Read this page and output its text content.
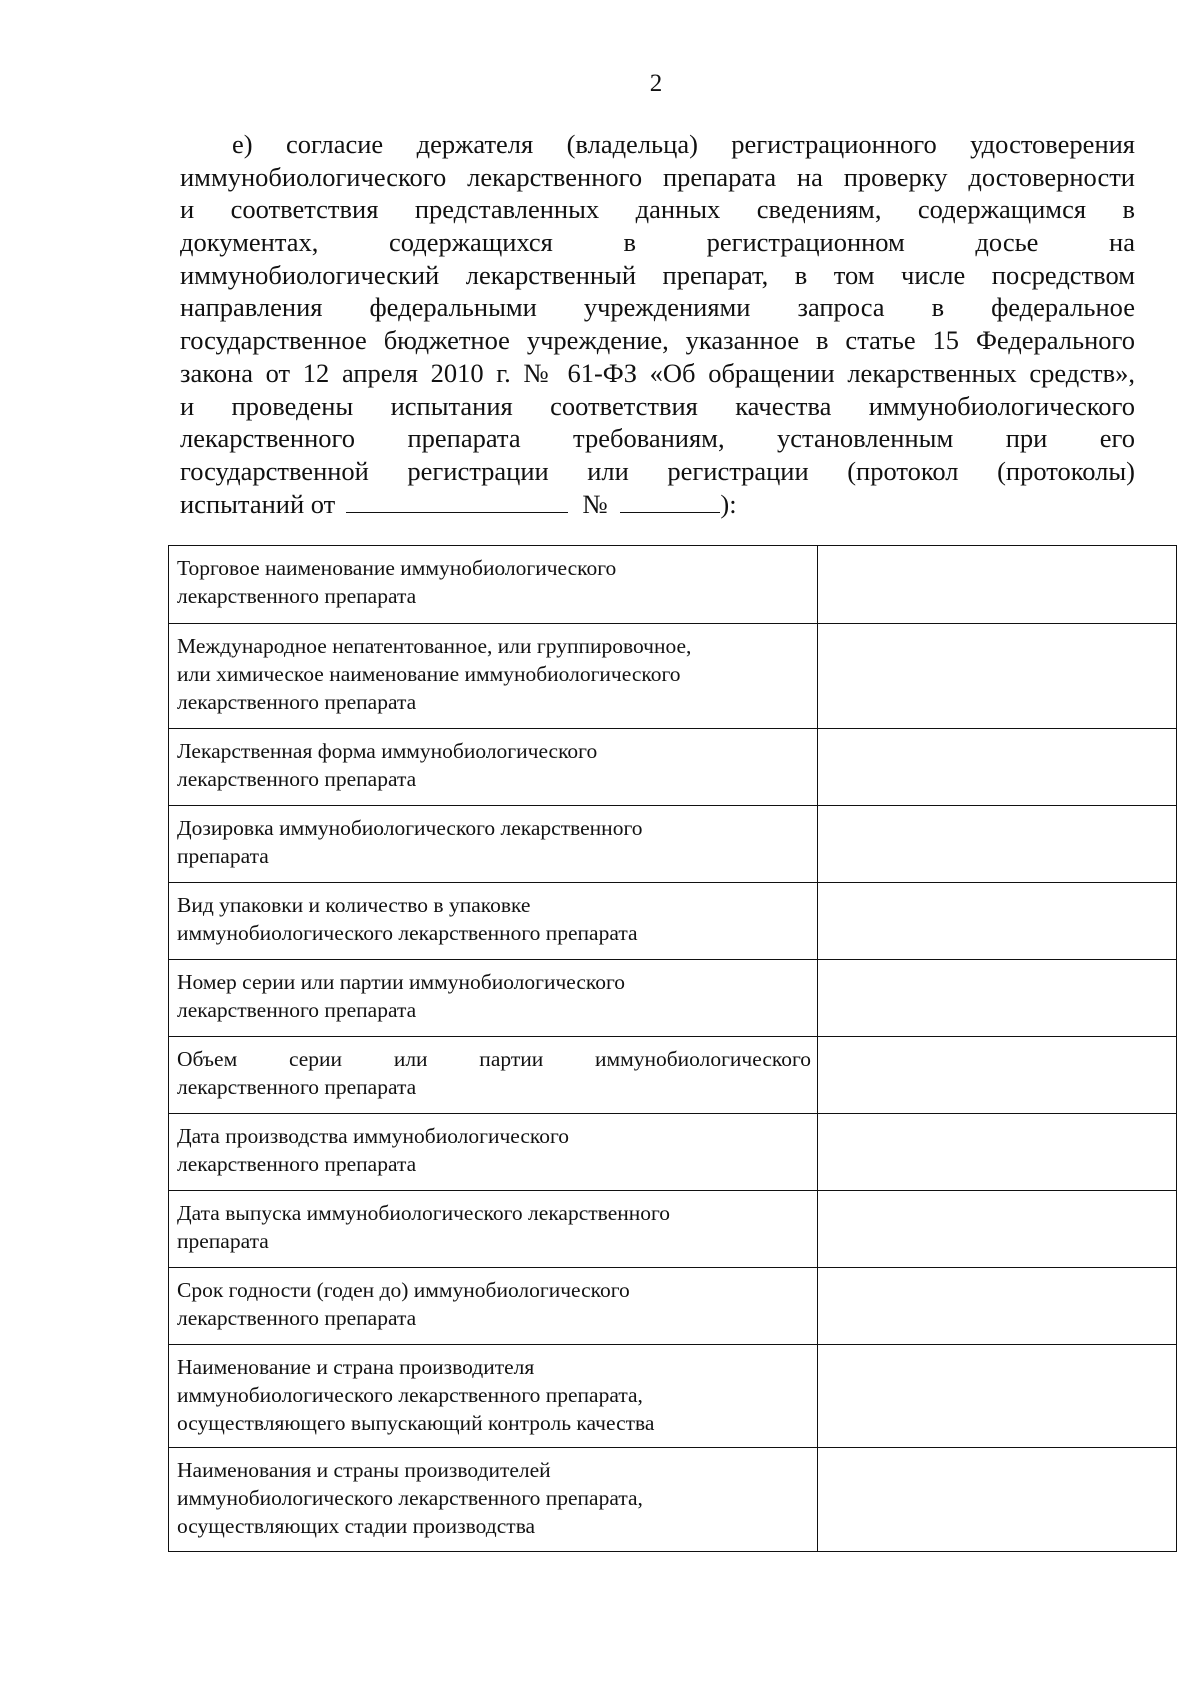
2
е) согласие держателя (владельца) регистрационного удостоверения
иммунобиологического лекарственного препарата на проверку достоверности
и соответствия представленных данных сведениям, содержащимся в
документах, содержащихся в регистрационном досье на
иммунобиологический лекарственный препарат, в том числе посредством
направления федеральными учреждениями запроса в федеральное
государственное бюджетное учреждение, указанное в статье 15 Федерального
закона от 12 апреля 2010 г. № 61-ФЗ «Об обращении лекарственных средств»,
и проведены испытания соответствия качества иммунобиологического
лекарственного препарата требованиям, установленным при его
государственной регистрации или регистрации (протокол (протоколы)
испытаний от	№	):
Торговое наименование иммунобиологического
лекарственного препарата	

Международное непатентованное, или группировочное,
или химическое наименование иммунобиологического
лекарственного препарата	

Лекарственная форма иммунобиологического
лекарственного препарата	

Дозировка иммунобиологического лекарственного
препарата	

Вид упаковки и количество в упаковке
иммунобиологического лекарственного препарата	

Номер серии или партии иммунобиологического
лекарственного препарата	

Объем серии или партии иммунобиологического
лекарственного препарата	

Дата производства иммунобиологического
лекарственного препарата	

Дата выпуска иммунобиологического лекарственного
препарата	

Срок годности (годен до) иммунобиологического
лекарственного препарата	

Наименование и страна производителя
иммунобиологического лекарственного препарата,
осуществляющего выпускающий контроль качества	

Наименования и страны производителей
иммунобиологического лекарственного препарата,
осуществляющих стадии производства	
